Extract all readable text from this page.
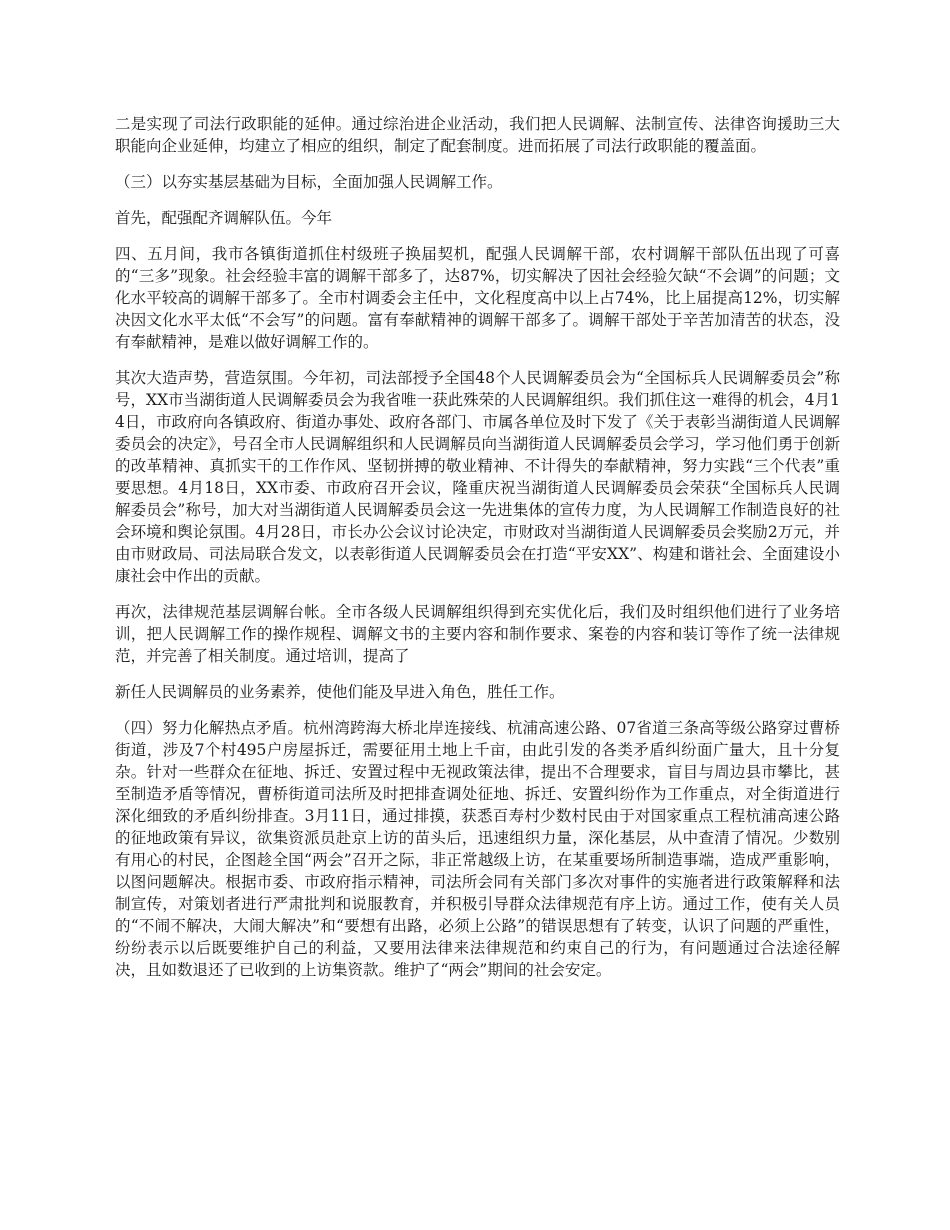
二是实现了司法行政职能的延伸。通过综治进企业活动，我们把人民调解、法制宣传、法律咨询援助三大职能向企业延伸，均建立了相应的组织，制定了配套制度。进而拓展了司法行政职能的覆盖面。

（三）以夯实基层基础为目标，全面加强人民调解工作。

首先，配强配齐调解队伍。今年

四、五月间，我市各镇街道抓住村级班子换届契机，配强人民调解干部，农村调解干部队伍出现了可喜的“三多”现象。社会经验丰富的调解干部多了，达87%，切实解决了因社会经验欠缺“不会调”的问题；文化水平较高的调解干部多了。全市村调委会主任中，文化程度高中以上占74%，比上届提高12%，切实解决因文化水平太低“不会写”的问题。富有奉献精神的调解干部多了。调解干部处于辛苦加清苦的状态，没有奉献精神，是难以做好调解工作的。

其次大造声势，营造氛围。今年初，司法部授予全国48个人民调解委员会为“全国标兵人民调解委员会”称号，XX市当湖街道人民调解委员会为我省唯一获此殊荣的人民调解组织。我们抓住这一难得的机会，4月14日，市政府向各镇政府、街道办事处、政府各部门、市属各单位及时下发了《关于表彰当湖街道人民调解委员会的决定》，号召全市人民调解组织和人民调解员向当湖街道人民调解委员会学习，学习他们勇于创新的改革精神、真抓实干的工作作风、坚韧拼搏的敬业精神、不计得失的奉献精神，努力实践“三个代表”重要思想。4月18日，XX市委、市政府召开会议，隆重庆祝当湖街道人民调解委员会荣获“全国标兵人民调解委员会”称号，加大对当湖街道人民调解委员会这一先进集体的宣传力度，为人民调解工作制造良好的社会环境和舆论氛围。4月28日，市长办公会议讨论决定，市财政对当湖街道人民调解委员会奖励2万元，并由市财政局、司法局联合发文，以表彰街道人民调解委员会在打造“平安XX”、构建和谐社会、全面建设小康社会中作出的贡献。

再次，法律规范基层调解台帐。全市各级人民调解组织得到充实优化后，我们及时组织他们进行了业务培训，把人民调解工作的操作规程、调解文书的主要内容和制作要求、案卷的内容和装订等作了统一法律规范，并完善了相关制度。通过培训，提高了

新任人民调解员的业务素养，使他们能及早进入角色，胜任工作。

（四）努力化解热点矛盾。杭州湾跨海大桥北岸连接线、杭浦高速公路、07省道三条高等级公路穿过曹桥街道，涉及7个村495户房屋拆迁，需要征用土地上千亩，由此引发的各类矛盾纠纷面广量大，且十分复杂。针对一些群众在征地、拆迁、安置过程中无视政策法律，提出不合理要求，盲目与周边县市攀比，甚至制造矛盾等情况，曹桥街道司法所及时把排查调处征地、拆迁、安置纠纷作为工作重点，对全街道进行深化细致的矛盾纠纷排查。3月11日，通过排摸，获悉百寿村少数村民由于对国家重点工程杭浦高速公路的征地政策有异议，欲集资派员赴京上访的苗头后，迅速组织力量，深化基层，从中查清了情况。少数别有用心的村民，企图趁全国“两会”召开之际，非正常越级上访，在某重要场所制造事端，造成严重影响，以图问题解决。根据市委、市政府指示精神，司法所会同有关部门多次对事件的实施者进行政策解释和法制宣传，对策划者进行严肃批判和说服教育，并积极引导群众法律规范有序上访。通过工作，使有关人员的“不闹不解决，大闹大解决”和“要想有出路，必须上公路”的错误思想有了转变，认识了问题的严重性，纷纷表示以后既要维护自己的利益，又要用法律来法律规范和约束自己的行为，有问题通过合法途径解决，且如数退还了已收到的上访集资款。维护了“两会”期间的社会安定。
